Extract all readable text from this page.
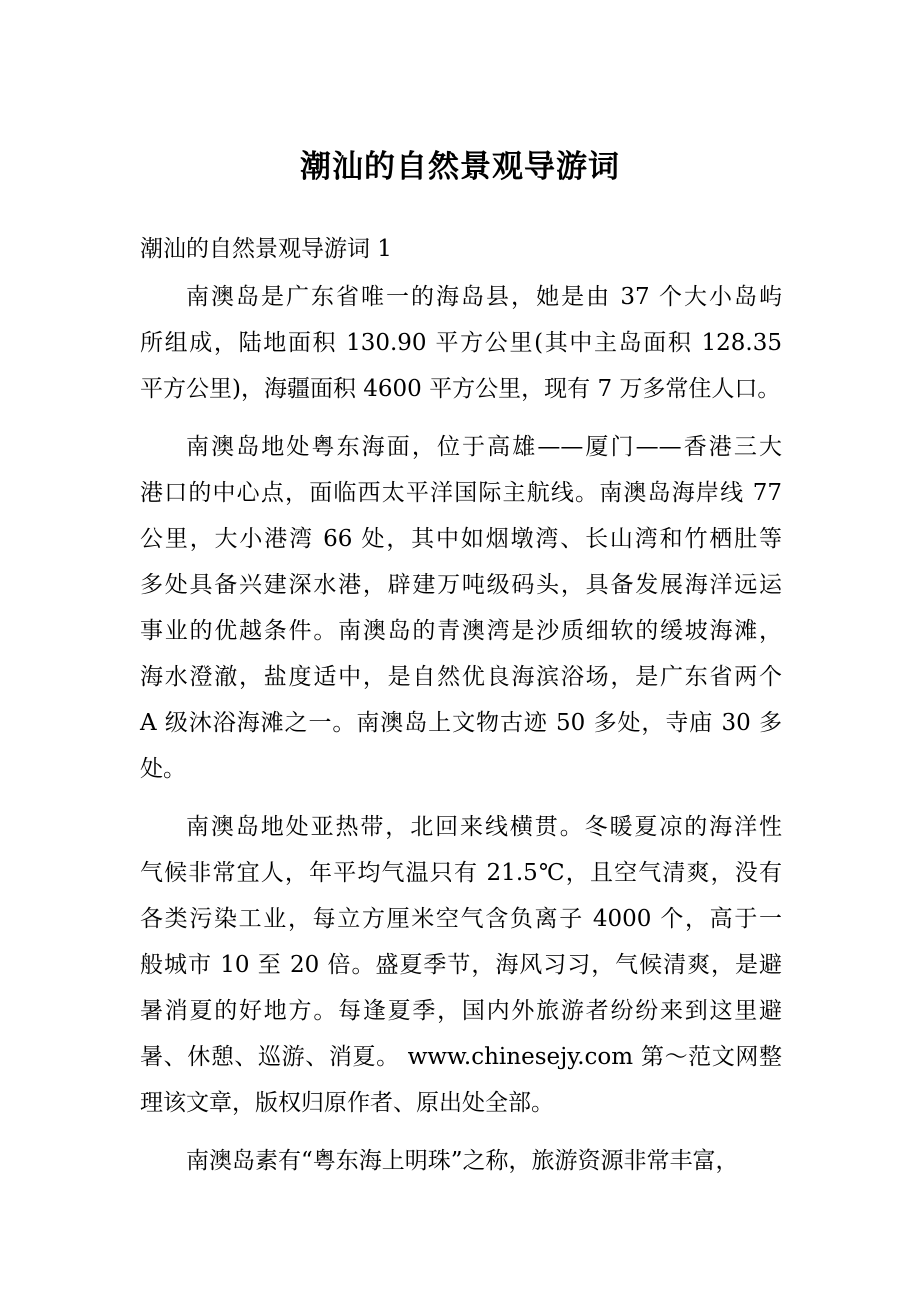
潮汕的自然景观导游词

潮汕的自然景观导游词 1

南澳岛是广东省唯一的海岛县，她是由 37 个大小岛屿
所组成，陆地面积 130.90 平方公里(其中主岛面积 128.35
平方公里)，海疆面积 4600 平方公里，现有 7 万多常住人口。

南澳岛地处粤东海面，位于高雄——厦门——香港三大
港口的中心点，面临西太平洋国际主航线。南澳岛海岸线 77
公里，大小港湾 66 处，其中如烟墩湾、长山湾和竹栖肚等
多处具备兴建深水港，辟建万吨级码头，具备发展海洋远运
事业的优越条件。南澳岛的青澳湾是沙质细软的缓坡海滩，
海水澄澈，盐度适中，是自然优良海滨浴场，是广东省两个
A 级沐浴海滩之一。南澳岛上文物古迹 50 多处，寺庙 30 多
处。

南澳岛地处亚热带，北回来线横贯。冬暖夏凉的海洋性
气候非常宜人，年平均气温只有 21.5℃，且空气清爽，没有
各类污染工业，每立方厘米空气含负离子 4000 个，高于一
般城市 10 至 20 倍。盛夏季节，海风习习，气候清爽，是避
暑消夏的好地方。每逢夏季，国内外旅游者纷纷来到这里避
暑、休憩、巡游、消夏。 www.chinesejy.com 第～范文网整
理该文章，版权归原作者、原出处全部。

南澳岛素有“粤东海上明珠”之称，旅游资源非常丰富，
